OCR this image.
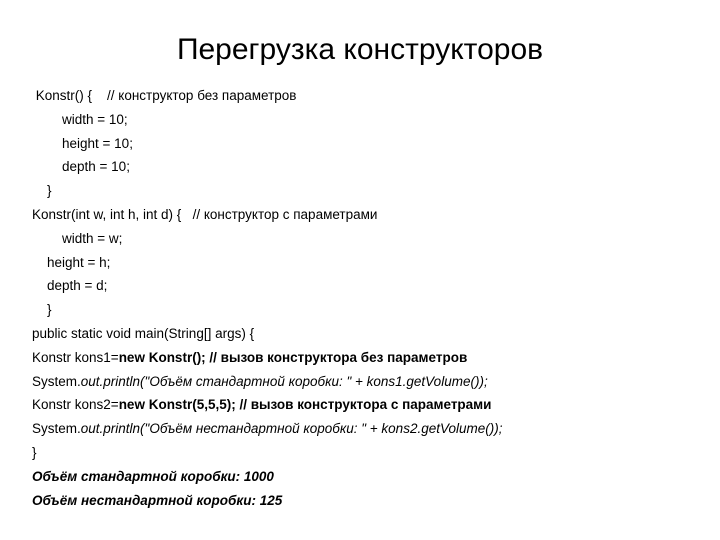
Перегрузка конструкторов
Konstr() {    // конструктор без параметров
width = 10;
height = 10;
depth = 10;
}
Konstr(int w, int h, int d) {   // конструктор с параметрами
width = w;
height = h;
depth = d;
}
public static void main(String[] args) {
Konstr kons1=new Konstr(); // вызов конструктора без параметров
System.out.println("Объём стандартной коробки: " + kons1.getVolume());
Konstr kons2=new Konstr(5,5,5); // вызов конструктора с параметрами
System.out.println("Объём нестандартной коробки: " + kons2.getVolume());
}
Объём стандартной коробки: 1000
Объём нестандартной коробки: 125
